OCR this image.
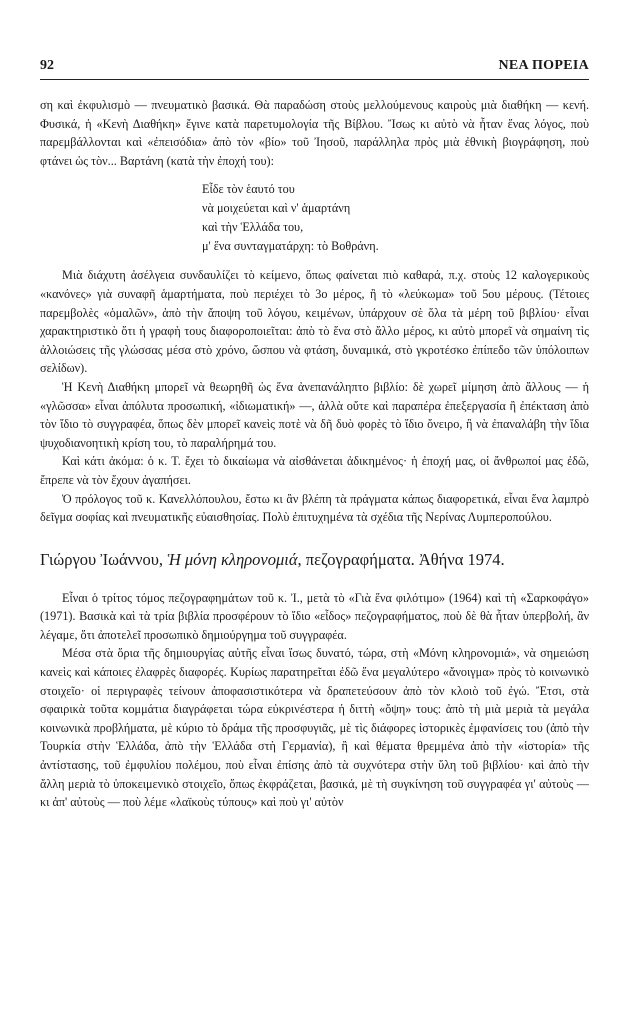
92	ΝΕΑ ΠΟΡΕΙΑ

ση καὶ ἐκφυλισμὸ — πνευματικὸ βασικά. Θὰ παραδώση στοὺς μελλούμενους καιροὺς μιὰ διαθήκη — κενή. Φυσικά, ἡ «Κενὴ Διαθήκη» ἔγινε κατὰ παρετυμολογία τῆς Βίβλου. Ἴσως κι αὐτὸ νὰ ἦταν ἕνας λόγος, ποὺ παρεμβάλλονται καὶ «ἐπεισόδια» ἀπὸ τὸν «βίο» τοῦ Ἰησοῦ, παράλληλα πρὸς μιὰ ἐθνικὴ βιογράφηση, ποὺ φτάνει ὡς τὸν... Βαρτάνη (κατὰ τὴν ἐποχή του):

Εἶδε τὸν ἑαυτό του
νὰ μοιχεύεται καὶ ν' ἁμαρτάνη
καὶ τὴν Ἑλλάδα του,
μ' ἕνα συνταγματάρχη: τὸ Βοθράνη.

Μιὰ διάχυτη ἀσέλγεια συνδαυλίζει τὸ κείμενο, ὅπως φαίνεται πιὸ καθαρά, π.χ. στοὺς 12 καλογερικοὺς «κανόνες» γιὰ συναφῆ ἁμαρτήματα, ποὺ περιέχει τὸ 3ο μέρος, ἢ τὸ «λεύκωμα» τοῦ 5ου μέρους. (Τέτοιες παρεμβολὲς «ὁμαλῶν», ἀπὸ τὴν ἄποψη τοῦ λόγου, κειμένων, ὑπάρχουν σὲ ὅλα τὰ μέρη τοῦ βιβλίου· εἶναι χαρακτηριστικὸ ὅτι ἡ γραφὴ τους διαφοροποιεῖται: ἀπὸ τὸ ἕνα στὸ ἄλλο μέρος, κι αὐτὸ μπορεῖ νὰ σημαίνη τὶς ἀλλοιώσεις τῆς γλώσσας μέσα στὸ χρόνο, ὥσπου νὰ φτάση, δυναμικά, στὸ γκροτέσκο ἐπίπεδο τῶν ὑπόλοιπων σελίδων).

Ἡ Κενὴ Διαθήκη μπορεῖ νὰ θεωρηθῆ ὡς ἕνα ἀνεπανάληπτο βιβλίο: δὲ χωρεῖ μίμηση ἀπὸ ἄλλους — ἡ «γλῶσσα» εἶναι ἀπόλυτα προσωπική, «ἰδιωματική» —, ἀλλὰ οὔτε καὶ παραπέρα ἐπεξεργασία ἢ ἐπέκταση ἀπὸ τὸν ἴδιο τὸ συγγραφέα, ὅπως δὲν μπορεῖ κανεὶς ποτὲ νὰ δῆ δυὸ φορὲς τὸ ἴδιο ὄνειρο, ἢ νὰ ἐπαναλάβη τὴν ἴδια ψυχοδιανοητικὴ κρίση του, τὸ παραλήρημά του.

Καὶ κάτι ἀκόμα: ὁ κ. Τ. ἔχει τὸ δικαίωμα νὰ αἰσθάνεται ἀδικημένος· ἡ ἐποχή μας, οἱ ἄνθρωποί μας ἐδῶ, ἔπρεπε νὰ τὸν ἔχουν ἀγαπήσει.

Ὁ πρόλογος τοῦ κ. Κανελλόπουλου, ἔστω κι ἂν βλέπη τὰ πράγματα κάπως διαφορετικά, εἶναι ἕνα λαμπρὸ δεῖγμα σοφίας καὶ πνευματικῆς εὐαισθησίας. Πολὺ ἐπιτυχημένα τὰ σχέδια τῆς Νερίνας Λυμπεροπούλου.

Γιώργου Ἰωάννου, Ἡ μόνη κληρονομιά, πεζογραφήματα. Ἀθήνα 1974.

Εἶναι ὁ τρίτος τόμος πεζογραφημάτων τοῦ κ. Ἰ., μετὰ τὸ «Γιὰ ἕνα φιλότιμο» (1964) καὶ τὴ «Σαρκοφάγο» (1971). Βασικὰ καὶ τὰ τρία βιβλία προσφέρουν τὸ ἴδιο «εἶδος» πεζογραφήματος, ποὺ δὲ θὰ ἦταν ὑπερβολή, ἂν λέγαμε, ὅτι ἀποτελεῖ προσωπικὸ δημιούργημα τοῦ συγγραφέα.

Μέσα στὰ ὅρια τῆς δημιουργίας αὐτῆς εἶναι ἴσως δυνατό, τώρα, στὴ «Μόνη κληρονομιά», νὰ σημειώση κανεὶς καὶ κάποιες ἐλαφρὲς διαφορές. Κυρίως παρατηρεῖται ἐδῶ ἕνα μεγαλύτερο «ἄνοιγμα» πρὸς τὸ κοινωνικὸ στοιχεῖο· οἱ περιγραφὲς τείνουν ἀποφασιστικότερα νὰ δραπετεύσουν ἀπὸ τὸν κλοιὸ τοῦ ἐγώ. Ἔτσι, στὰ σφαιρικὰ τοῦτα κομμάτια διαγράφεται τώρα εὐκρινέστερα ἡ διττὴ «ὄψη» τους: ἀπὸ τὴ μιὰ μεριὰ τὰ μεγάλα κοινωνικὰ προβλήματα, μὲ κύριο τὸ δράμα τῆς προσφυγιᾶς, μὲ τὶς διάφορες ἱστορικὲς ἐμφανίσεις του (ἀπὸ τὴν Τουρκία στὴν Ἑλλάδα, ἀπὸ τὴν Ἑλλάδα στὴ Γερμανία), ἢ καὶ θέματα θρεμμένα ἀπὸ τὴν «ἱστορία» τῆς ἀντίστασης, τοῦ ἐμφυλίου πολέμου, ποὺ εἶναι ἐπίσης ἀπὸ τὰ συχνότερα στὴν ὕλη τοῦ βιβλίου· καὶ ἀπὸ τὴν ἄλλη μεριὰ τὸ ὑποκειμενικὸ στοιχεῖο, ὅπως ἐκφράζεται, βασικά, μὲ τὴ συγκίνηση τοῦ συγγραφέα γι' αὐτοὺς — κι ἀπ' αὐτοὺς — ποὺ λέμε «λαϊκοὺς τύπους» καὶ ποὺ γι' αὐτὸν
